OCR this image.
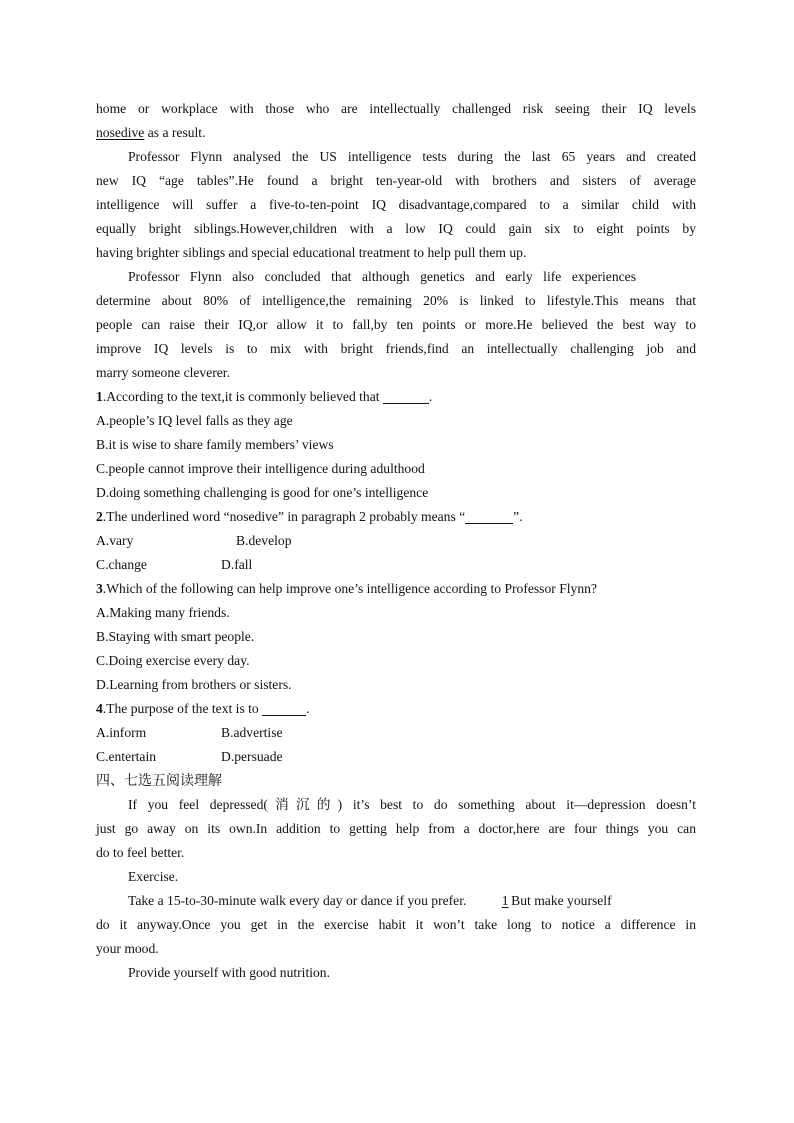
home or workplace with those who are intellectually challenged risk seeing their IQ levels

nosedive as a result.

Professor Flynn analysed the US intelligence tests during the last 65 years and created

new IQ “age tables”.He found a bright ten-year-old with brothers and sisters of average

intelligence will suffer a five-to-ten-point IQ disadvantage,compared to a similar child with

equally bright siblings.However,children with a low IQ could gain six to eight points by

having brighter siblings and special educational treatment to help pull them up.

Professor Flynn also concluded that although genetics and early life experiences

determine about 80% of intelligence,the remaining 20% is linked to lifestyle.This means that

people can raise their IQ,or allow it to fall,by ten points or more.He believed the best way to

improve IQ levels is to mix with bright friends,find an intellectually challenging job and

marry someone cleverer.

1.According to the text,it is commonly believed that	.

A.people’s IQ level falls as they age

B.it is wise to share family members’ views

C.people cannot improve their intelligence during adulthood

D.doing something challenging is good for one’s intelligence

2.The underlined word “nosedive” in paragraph 2 probably means “	”.

A.vary	B.develop
C.change	D.fall

3.Which of the following can help improve one’s intelligence according to Professor Flynn?

A.Making many friends.

B.Staying with smart people.

C.Doing exercise every day.

D.Learning from brothers or sisters.

4.The purpose of the text is to	.

A.inform	B.advertise
C.entertain	D.persuade

四、七选五阅读理解

If you feel depressed(消沉的) it’s best to do something about it—depression doesn’t

just go away on its own.In addition to getting help from a doctor,here are four things you can

do to feel better.

Exercise.

Take a 15-to-30-minute walk every day or dance if you prefer. 1 But make yourself

do it anyway.Once you get in the exercise habit it won’t take long to notice a difference in

your mood.

Provide yourself with good nutrition.
